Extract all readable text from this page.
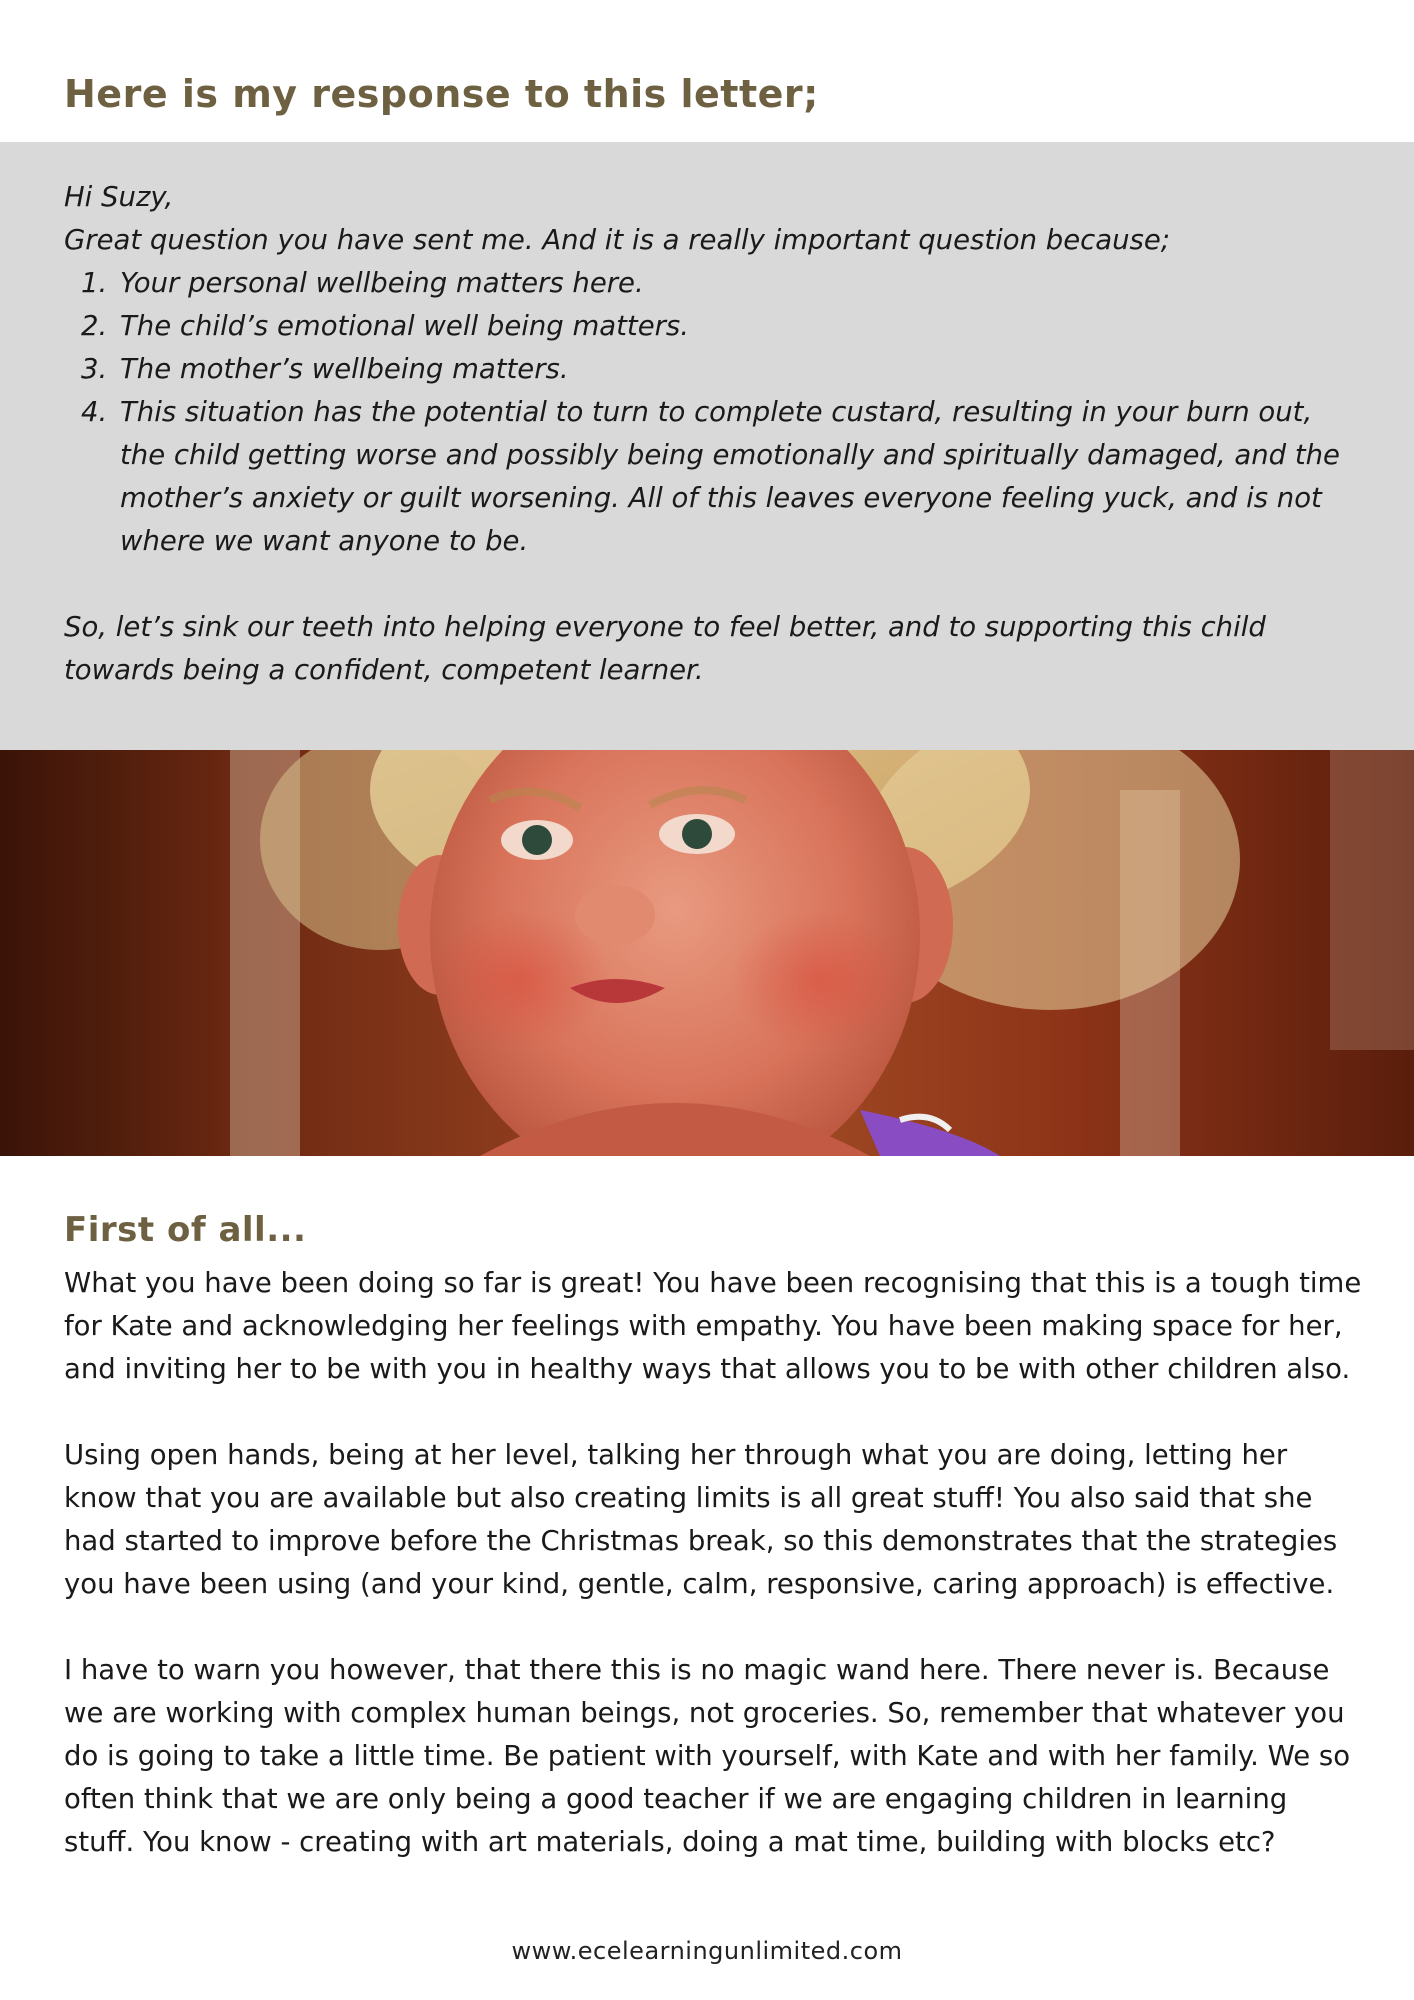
Here is my response to this letter;

Hi Suzy,

Great question you have sent me. And it is a really important question because;

1. Your personal wellbeing matters here.
2. The child’s emotional well being matters.
3. The mother’s wellbeing matters.
4. This situation has the potential to turn to complete custard, resulting in your burn out, the child getting worse and possibly being emotionally and spiritually damaged, and the mother’s anxiety or guilt worsening. All of this leaves everyone feeling yuck, and is not where we want anyone to be.

So, let’s sink our teeth into helping everyone to feel better, and to supporting this child towards being a confident, competent learner.

First of all...

What you have been doing so far is great! You have been recognising that this is a tough time for Kate and acknowledging her feelings with empathy. You have been making space for her, and inviting her to be with you in healthy ways that allows you to be with other children also.

Using open hands, being at her level, talking her through what you are doing, letting her know that you are available but also creating limits is all great stuff! You also said that she had started to improve before the Christmas break, so this demonstrates that the strategies you have been using (and your kind, gentle, calm, responsive, caring approach) is effective.

I have to warn you however, that there this is no magic wand here. There never is. Because we are working with complex human beings, not groceries. So, remember that whatever you do is going to take a little time. Be patient with yourself, with Kate and with her family. We so often think that we are only being a good teacher if we are engaging children in learning stuff. You know - creating with art materials, doing a mat time, building with blocks etc?

www.ecelearningunlimited.com
